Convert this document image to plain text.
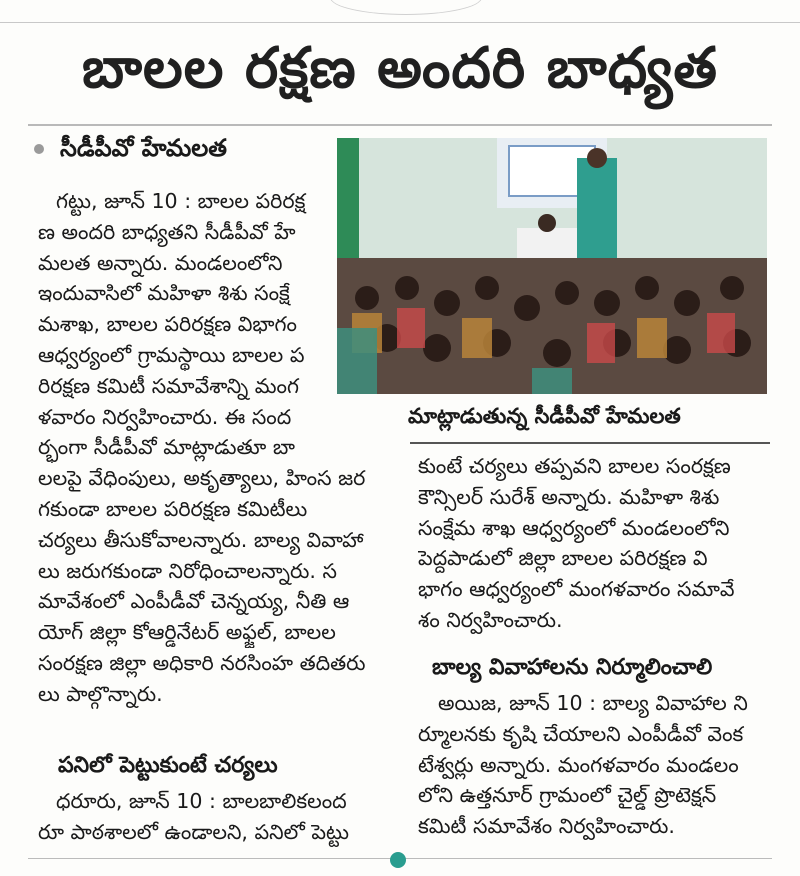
బాలల రక్షణ అందరి బాధ్యత
సీడీపీవో హేమలత
గట్టు, జూన్ 10 : బాలల పరిరక్ష
ణ అందరి బాధ్యతని సీడీపీవో హే
మలత అన్నారు. మండలంలోని
ఇందువాసిలో మహిళా శిశు సంక్షే
మశాఖ, బాలల పరిరక్షణ విభాగం
ఆధ్వర్యంలో గ్రామస్థాయి బాలల ప
రిరక్షణ కమిటీ సమావేశాన్ని మంగ
ళవారం నిర్వహించారు. ఈ సంద
ర్భంగా సీడీపీవో మాట్లాడుతూ బా
లలపై వేధింపులు, అకృత్యాలు, హింస జర
గకుండా బాలల పరిరక్షణ కమిటీలు
చర్యలు తీసుకోవాలన్నారు. బాల్య వివాహా
లు జరుగకుండా నిరోధించాలన్నారు. స
మావేశంలో ఎంపీడీవో చెన్నయ్య, నీతి ఆ
యోగ్ జిల్లా కోఆర్డినేటర్ అఫ్జల్, బాలల
సంరక్షణ జిల్లా అధికారి నరసింహ తదితరు
లు పాల్గొన్నారు.
పనిలో పెట్టుకుంటే చర్యలు
ధరూరు, జూన్ 10 : బాలబాలికలంద
రూ పాఠశాలలో ఉండాలని, పనిలో పెట్టు
మాట్లాడుతున్న సీడీపీవో హేమలత
కుంటే చర్యలు తప్పవని బాలల సంరక్షణ
కౌన్సిలర్ సురేశ్ అన్నారు. మహిళా శిశు
సంక్షేమ శాఖ ఆధ్వర్యంలో మండలంలోని
పెద్దపాడులో జిల్లా బాలల పరిరక్షణ వి
భాగం ఆధ్వర్యంలో మంగళవారం సమావే
శం నిర్వహించారు.
బాల్య వివాహాలను నిర్మూలించాలి
అయిజ, జూన్ 10 : బాల్య వివాహాల ని
ర్మూలనకు కృషి చేయాలని ఎంపీడీవో వెంక
టేశ్వర్లు అన్నారు. మంగళవారం మండలం
లోని ఉత్తనూర్ గ్రామంలో చైల్డ్ ప్రొటెక్షన్
కమిటీ సమావేశం నిర్వహించారు.
